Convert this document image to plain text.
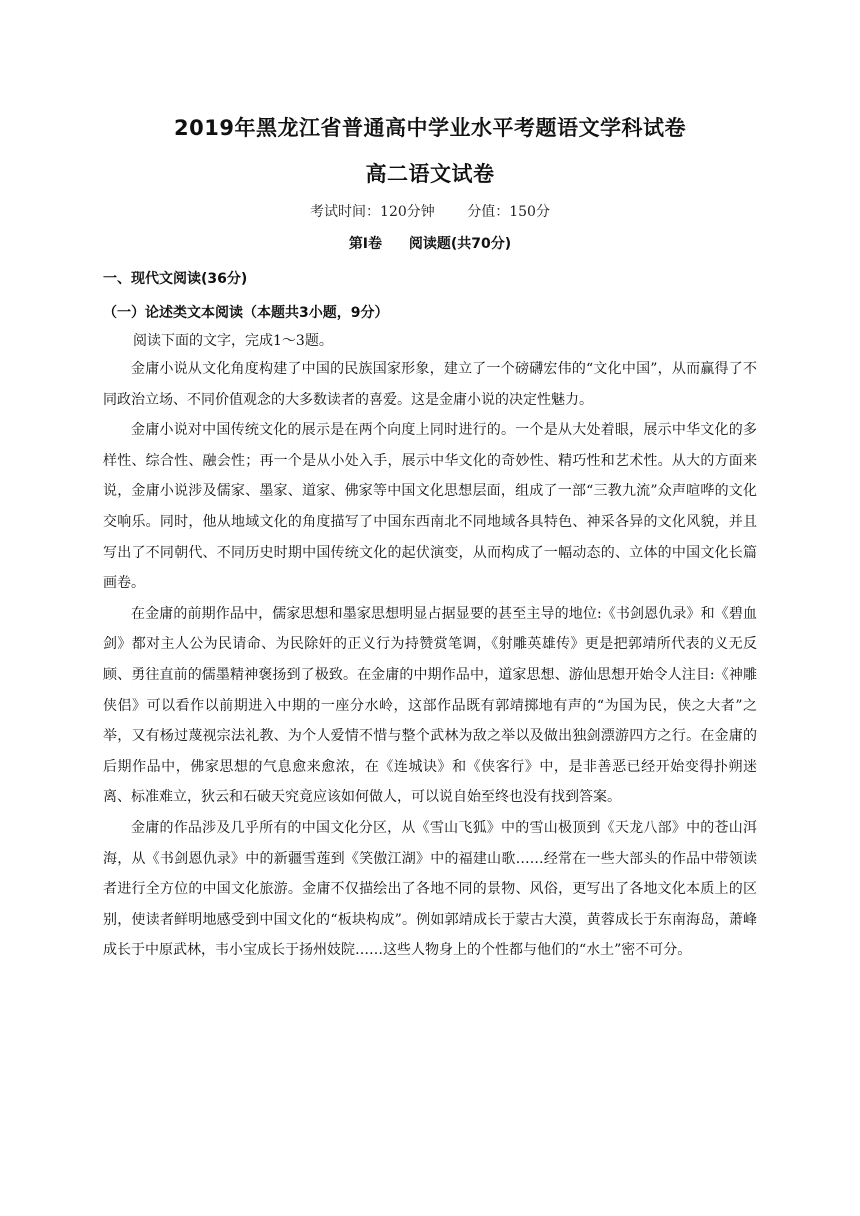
2019年黑龙江省普通高中学业水平考题语文学科试卷
高二语文试卷
考试时间：120分钟 分值：150分
第Ⅰ卷 阅读题(共70分)
一、现代文阅读(36分)
（一）论述类文本阅读（本题共3小题，9分）
阅读下面的文字，完成1～3题。

金庸小说从文化角度构建了中国的民族国家形象，建立了一个磅礴宏伟的“文化中国”，从而赢得了不同政治立场、不同价值观念的大多数读者的喜爱。这是金庸小说的决定性魅力。

金庸小说对中国传统文化的展示是在两个向度上同时进行的。一个是从大处着眼，展示中华文化的多样性、综合性、融会性；再一个是从小处入手，展示中华文化的奇妙性、精巧性和艺术性。从大的方面来说，金庸小说涉及儒家、墨家、道家、佛家等中国文化思想层面，组成了一部“三教九流”众声喧哗的文化交响乐。同时，他从地域文化的角度描写了中国东西南北不同地域各具特色、神采各异的文化风貌，并且写出了不同朝代、不同历史时期中国传统文化的起伏演变，从而构成了一幅动态的、立体的中国文化长篇画卷。

在金庸的前期作品中，儒家思想和墨家思想明显占据显要的甚至主导的地位:《书剑恩仇录》和《碧血剑》都对主人公为民请命、为民除奸的正义行为持赞赏笔调，《射雕英雄传》更是把郭靖所代表的义无反顾、勇往直前的儒墨精神褒扬到了极致。在金庸的中期作品中，道家思想、游仙思想开始令人注目:《神雕侠侣》可以看作以前期进入中期的一座分水岭，这部作品既有郭靖掷地有声的“为国为民，侠之大者”之举，又有杨过蔑视宗法礼教、为个人爱情不惜与整个武林为敌之举以及做出独剑漂游四方之行。在金庸的后期作品中，佛家思想的气息愈来愈浓，在《连城诀》和《侠客行》中，是非善恶已经开始变得扑朔迷离、标准难立，狄云和石破天究竟应该如何做人，可以说自始至终也没有找到答案。

金庸的作品涉及几乎所有的中国文化分区，从《雪山飞狐》中的雪山极顶到《天龙八部》中的苍山洱海，从《书剑恩仇录》中的新疆雪莲到《笑傲江湖》中的福建山歌……经常在一些大部头的作品中带领读者进行全方位的中国文化旅游。金庸不仅描绘出了各地不同的景物、风俗，更写出了各地文化本质上的区别，使读者鲜明地感受到中国文化的“板块构成”。例如郭靖成长于蒙古大漠，黄蓉成长于东南海岛，萧峰成长于中原武林，韦小宝成长于扬州妓院……这些人物身上的个性都与他们的“水土”密不可分。
